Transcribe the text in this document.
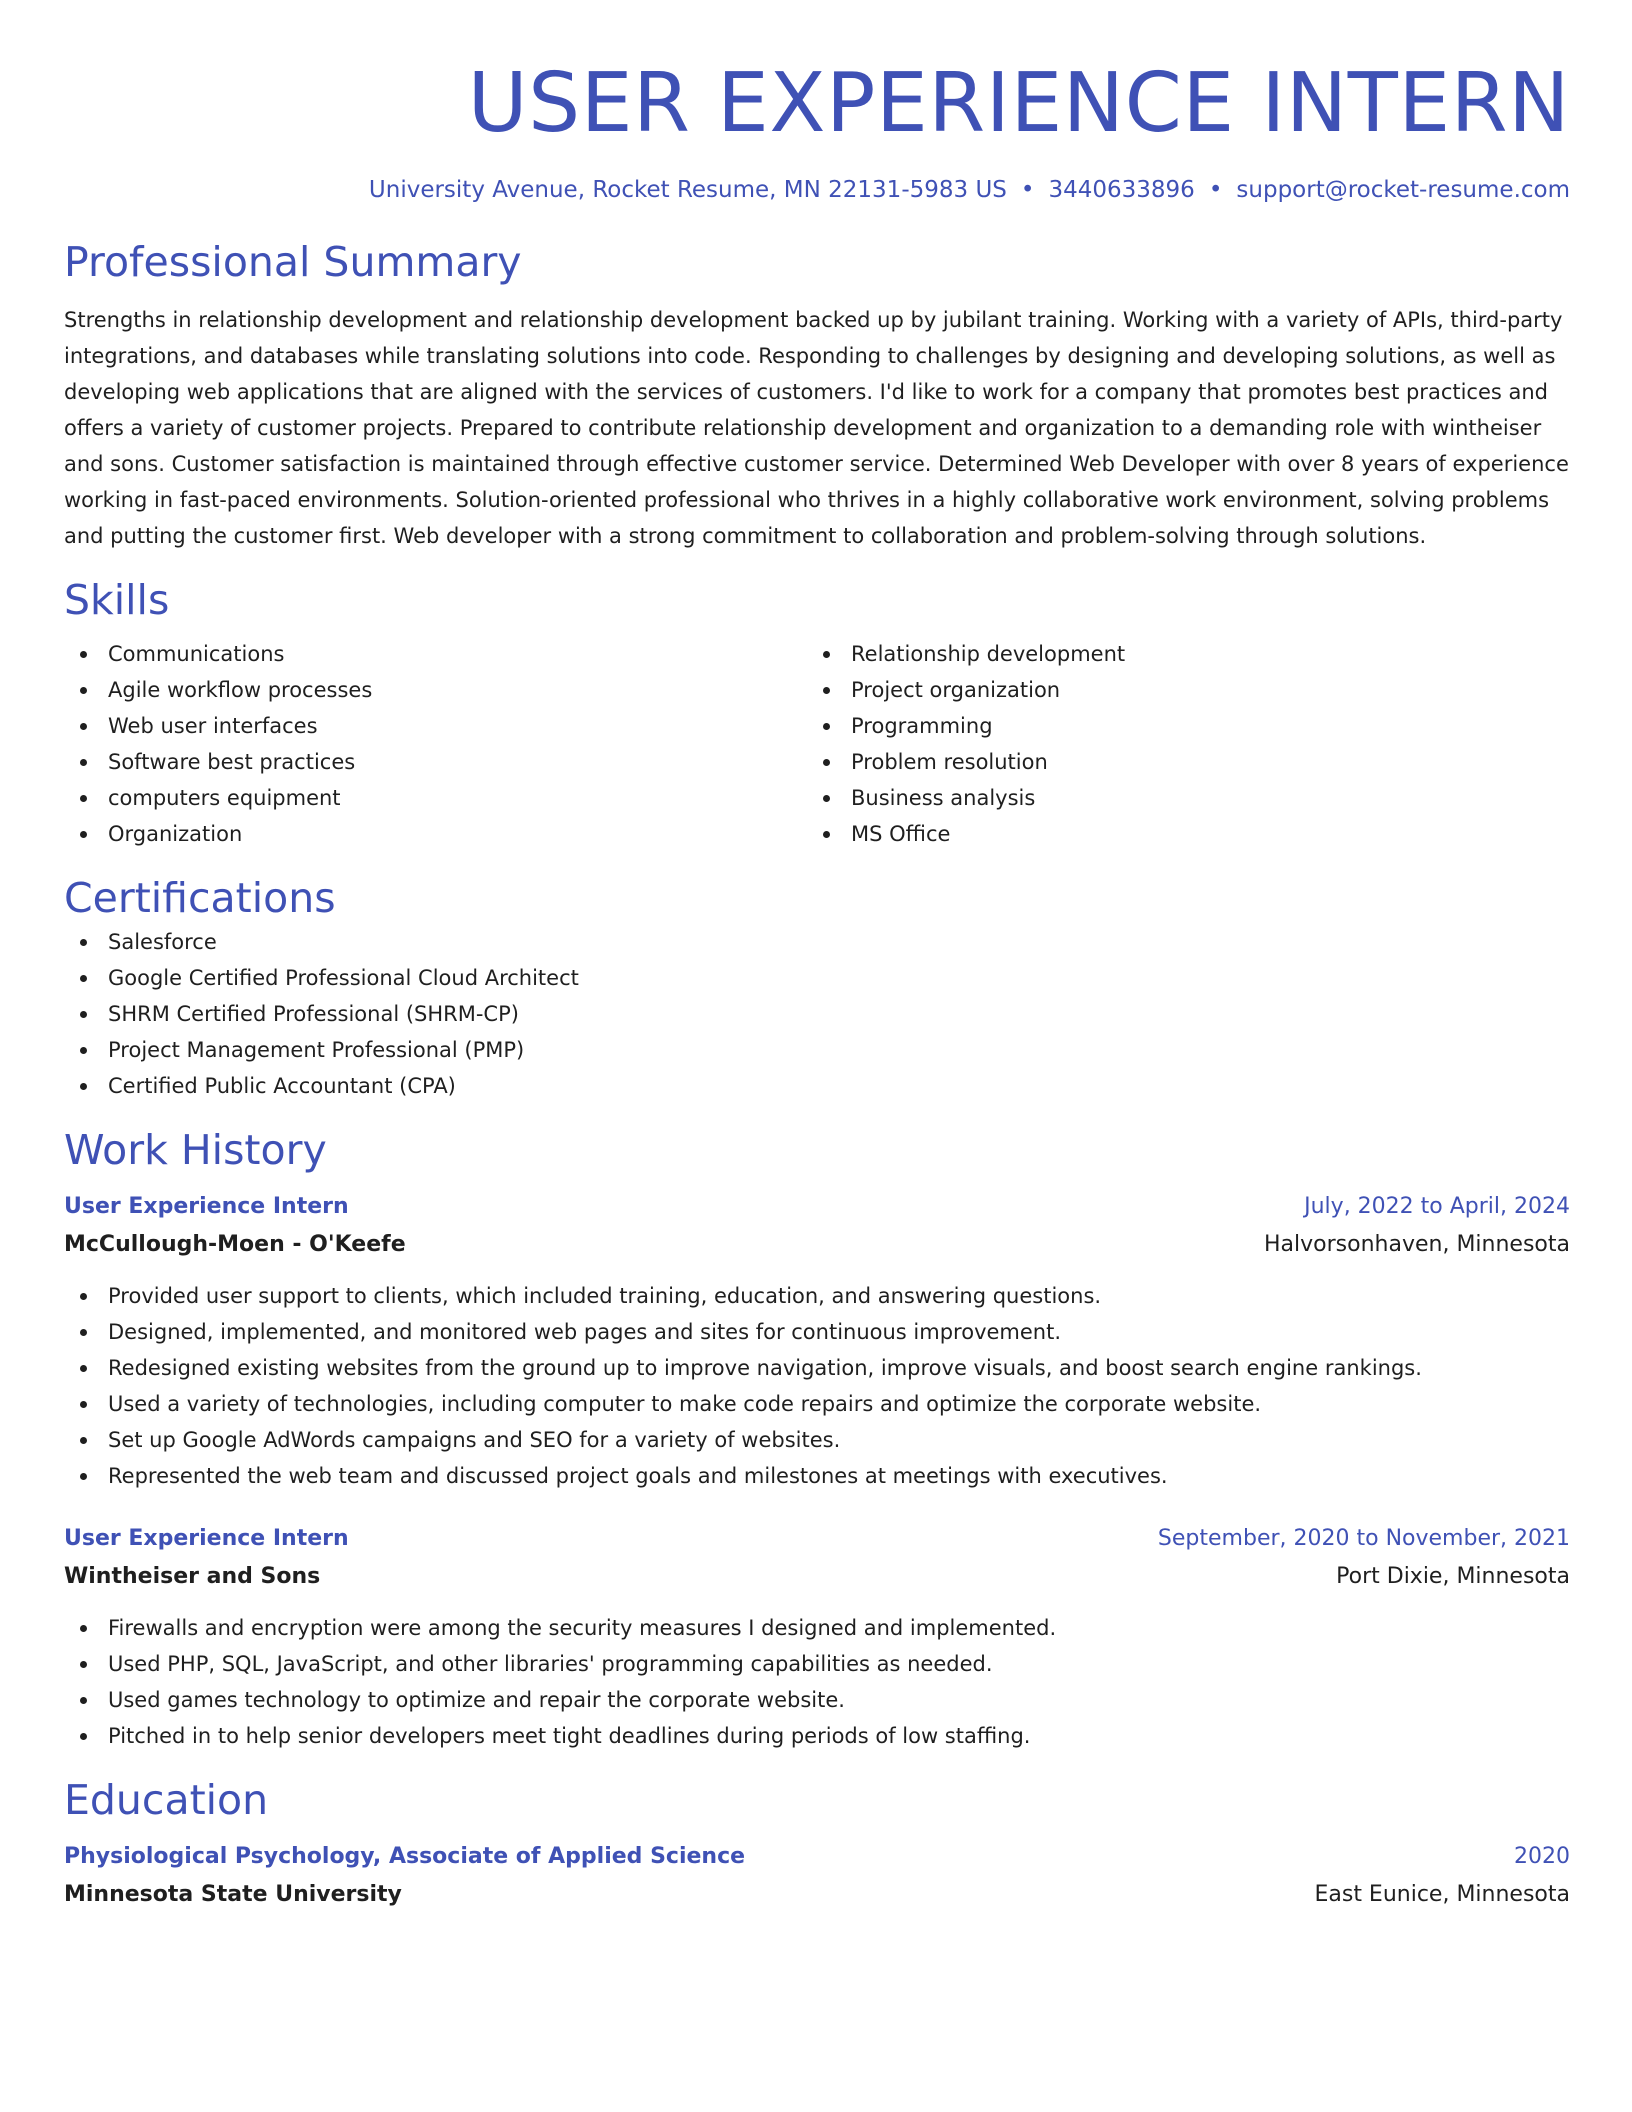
USER EXPERIENCE INTERN
University Avenue, Rocket Resume, MN 22131-5983 US • 3440633896 • support@rocket-resume.com
Professional Summary

Strengths in relationship development and relationship development backed up by jubilant training. Working with a variety of APIs, third-party integrations, and databases while translating solutions into code. Responding to challenges by designing and developing solutions, as well as developing web applications that are aligned with the services of customers. I'd like to work for a company that promotes best practices and offers a variety of customer projects. Prepared to contribute relationship development and organization to a demanding role with wintheiser and sons. Customer satisfaction is maintained through effective customer service. Determined Web Developer with over 8 years of experience working in fast-paced environments. Solution-oriented professional who thrives in a highly collaborative work environment, solving problems and putting the customer first. Web developer with a strong commitment to collaboration and problem-solving through solutions.

Skills
Communications
Agile workflow processes
Web user interfaces
Software best practices
computers equipment
Organization
Relationship development
Project organization
Programming
Problem resolution
Business analysis
MS Office
Certifications
Salesforce
Google Certified Professional Cloud Architect
SHRM Certified Professional (SHRM-CP)
Project Management Professional (PMP)
Certified Public Accountant (CPA)
Work History
User Experience Intern	July, 2022 to April, 2024
McCullough-Moen - O'Keefe	Halvorsonhaven, Minnesota
Provided user support to clients, which included training, education, and answering questions.
Designed, implemented, and monitored web pages and sites for continuous improvement.
Redesigned existing websites from the ground up to improve navigation, improve visuals, and boost search engine rankings.
Used a variety of technologies, including computer to make code repairs and optimize the corporate website.
Set up Google AdWords campaigns and SEO for a variety of websites.
Represented the web team and discussed project goals and milestones at meetings with executives.
User Experience Intern	September, 2020 to November, 2021
Wintheiser and Sons	Port Dixie, Minnesota
Firewalls and encryption were among the security measures I designed and implemented.
Used PHP, SQL, JavaScript, and other libraries' programming capabilities as needed.
Used games technology to optimize and repair the corporate website.
Pitched in to help senior developers meet tight deadlines during periods of low staffing.
Education
Physiological Psychology, Associate of Applied Science	2020
Minnesota State University	East Eunice, Minnesota
